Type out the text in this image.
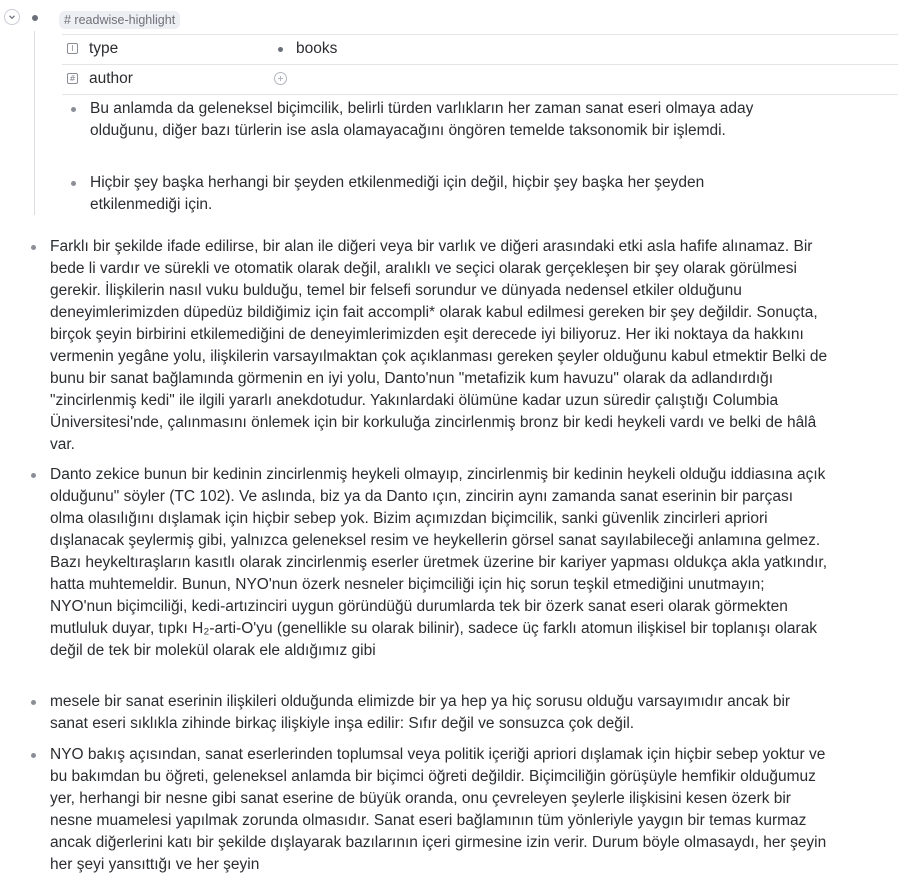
# readwise-highlight
I type	books
# author
Bu anlamda da geleneksel biçimcilik, belirli türden varlıkların her zaman sanat eseri olmaya aday olduğunu, diğer bazı türlerin ise asla olamayacağını öngören temelde taksonomik bir işlemdi.
Hiçbir şey başka herhangi bir şeyden etkilenmediği için değil, hiçbir şey başka her şeyden etkilenmediği için.
Farklı bir şekilde ifade edilirse, bir alan ile diğeri veya bir varlık ve diğeri arasındaki etki asla hafife alınamaz. Bir bede li vardır ve sürekli ve otomatik olarak değil, aralıklı ve seçici olarak gerçekleşen bir şey olarak görülmesi gerekir. İlişkilerin nasıl vuku bulduğu, temel bir felsefi sorundur ve dünyada nedensel etkiler olduğunu deneyimlerimizden düpedüz bildiğimiz için fait accompli* olarak kabul edilmesi gereken bir şey değildir. Sonuçta, birçok şeyin birbirini etkilemediğini de deneyimlerimizden eşit derecede iyi biliyoruz. Her iki noktaya da hakkını vermenin yegâne yolu, ilişkilerin varsayılmaktan çok açıklanması gereken şeyler olduğunu kabul etmektir Belki de bunu bir sanat bağlamında görmenin en iyi yolu, Danto'nun "metafizik kum havuzu" olarak da adlandırdığı "zincirlenmiş kedi" ile ilgili yararlı anekdotudur. Yakınlardaki ölümüne kadar uzun süredir çalıştığı Columbia Üniversitesi'nde, çalınmasını önlemek için bir korkuluğa zincirlenmiş bronz bir kedi heykeli vardı ve belki de hâlâ var.
Danto zekice bunun bir kedinin zincirlenmiş heykeli olmayıp, zincirlenmiş bir kedinin heykeli olduğu iddiasına açık olduğunu" söyler (TC 102). Ve aslında, biz ya da Danto ıçın, zincirin aynı zamanda sanat eserinin bir parçası olma olasılığını dışlamak için hiçbir sebep yok. Bizim açımızdan biçimcilik, sanki güvenlik zincirleri apriori dışlanacak şeylermiş gibi, yalnızca geleneksel resim ve heykellerin görsel sanat sayılabileceği anlamına gelmez. Bazı heykeltıraşların kasıtlı olarak zincirlenmiş eserler üretmek üzerine bir kariyer yapması oldukça akla yatkındır, hatta muhtemeldir. Bunun, NYO'nun özerk nesneler biçimciliği için hiç sorun teşkil etmediğini unutmayın; NYO'nun biçimciliği, kedi-artızinciri uygun göründüğü durumlarda tek bir özerk sanat eseri olarak görmekten mutluluk duyar, tıpkı H₂-arti-O'yu (genellikle su olarak bilinir), sadece üç farklı atomun ilişkisel bir toplanışı olarak değil de tek bir molekül olarak ele aldığımız gibi
mesele bir sanat eserinin ilişkileri olduğunda elimizde bir ya hep ya hiç sorusu olduğu varsayımıdır ancak bir sanat eseri sıklıkla zihinde birkaç ilişkiyle inşa edilir: Sıfır değil ve sonsuzca çok değil.
NYO bakış açısından, sanat eserlerinden toplumsal veya politik içeriği apriori dışlamak için hiçbir sebep yoktur ve bu bakımdan bu öğreti, geleneksel anlamda bir biçimci öğreti değildir. Biçimciliğin görüşüyle hemfikir olduğumuz yer, herhangi bir nesne gibi sanat eserine de büyük oranda, onu çevreleyen şeylerle ilişkisini kesen özerk bir nesne muamelesi yapılmak zorunda olmasıdır. Sanat eseri bağlamının tüm yönleriyle yaygın bir temas kurmaz ancak diğerlerini katı bir şekilde dışlayarak bazılarının içeri girmesine izin verir. Durum böyle olmasaydı, her şeyin her şeyi yansıttığı ve her şeyin
